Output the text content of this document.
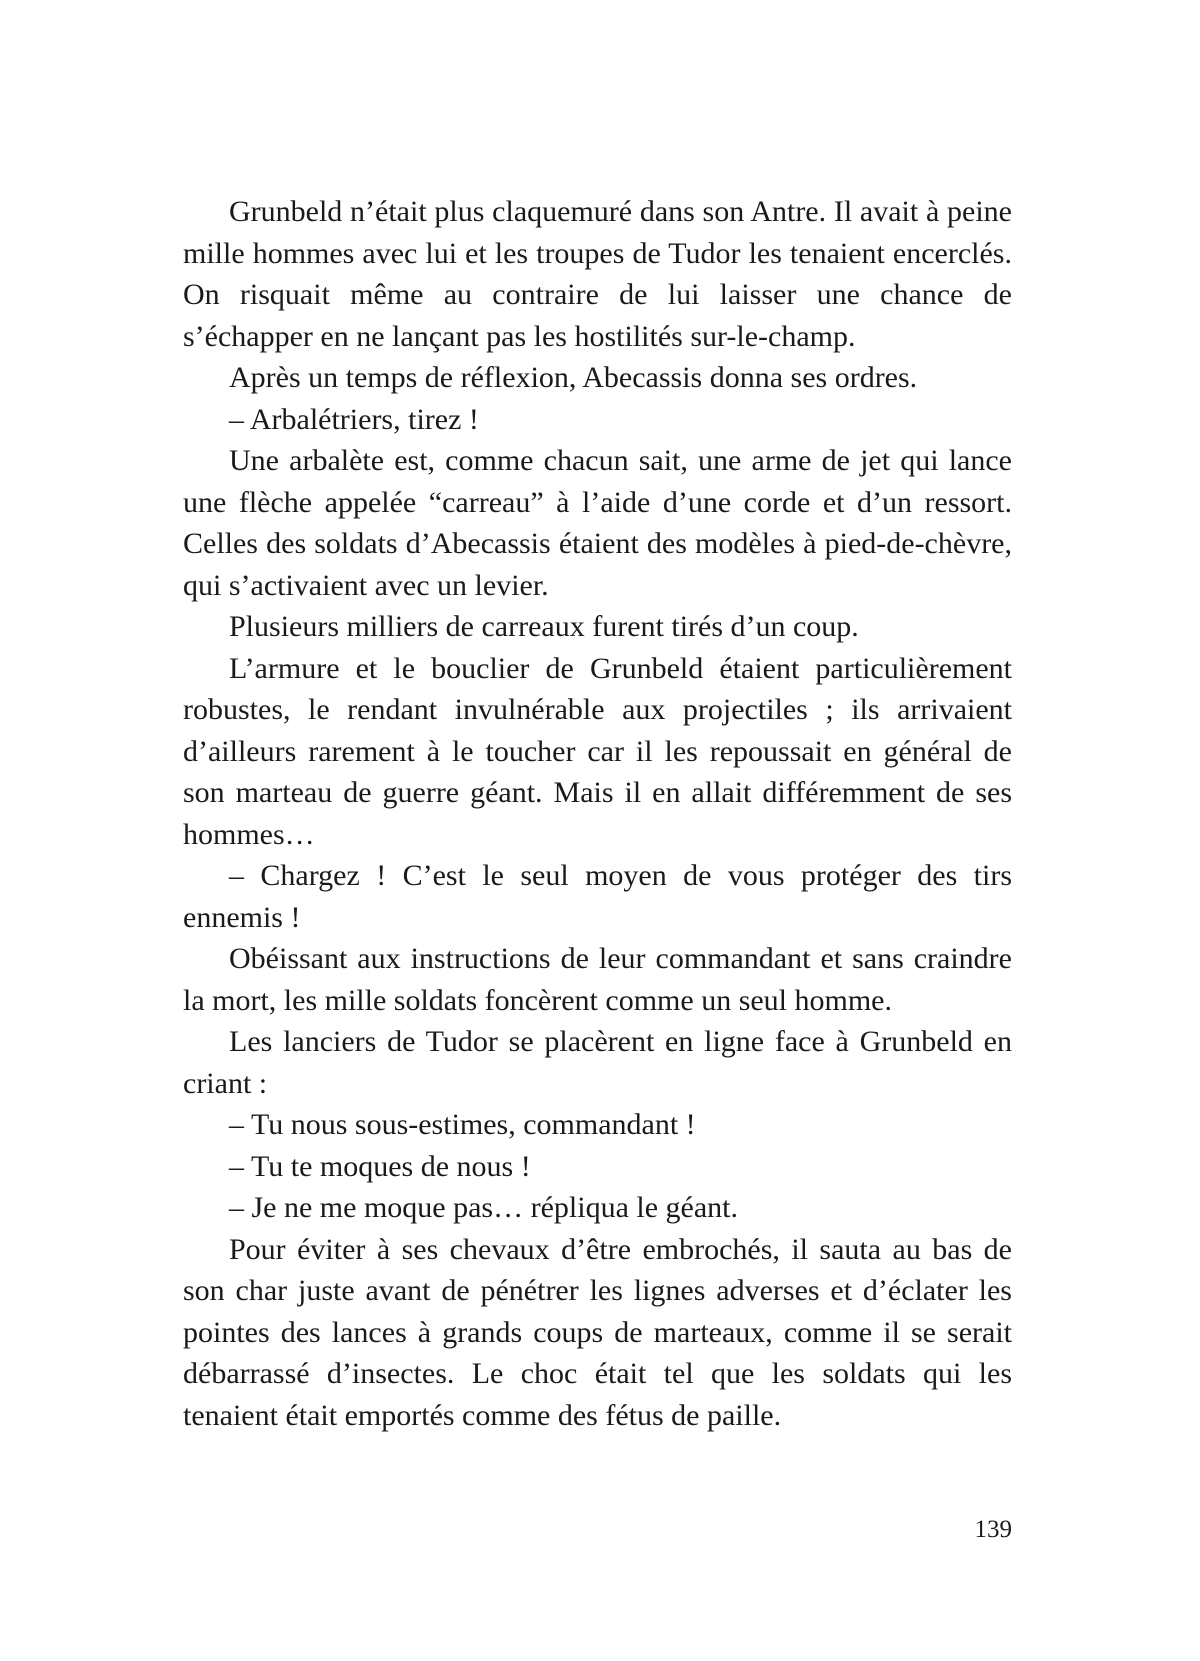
Grunbeld n’était plus claquemuré dans son Antre. Il avait à peine mille hommes avec lui et les troupes de Tudor les tenaient encerclés. On risquait même au contraire de lui laisser une chance de s’échapper en ne lançant pas les hostilités sur-le-champ.

Après un temps de réflexion, Abecassis donna ses ordres.

– Arbalétriers, tirez !

Une arbalète est, comme chacun sait, une arme de jet qui lance une flèche appelée “carreau” à l’aide d’une corde et d’un ressort. Celles des soldats d’Abecassis étaient des modèles à pied-de-chèvre, qui s’activaient avec un levier.

Plusieurs milliers de carreaux furent tirés d’un coup.

L’armure et le bouclier de Grunbeld étaient particulièrement robustes, le rendant invulnérable aux projectiles ; ils arrivaient d’ailleurs rarement à le toucher car il les repoussait en général de son marteau de guerre géant. Mais il en allait différemment de ses hommes…

– Chargez ! C’est le seul moyen de vous protéger des tirs ennemis !

Obéissant aux instructions de leur commandant et sans craindre la mort, les mille soldats foncèrent comme un seul homme.

Les lanciers de Tudor se placèrent en ligne face à Grunbeld en criant :

– Tu nous sous-estimes, commandant !

– Tu te moques de nous !

– Je ne me moque pas… répliqua le géant.

Pour éviter à ses chevaux d’être embrochés, il sauta au bas de son char juste avant de pénétrer les lignes adverses et d’éclater les pointes des lances à grands coups de marteaux, comme il se serait débarrassé d’insectes. Le choc était tel que les soldats qui les tenaient était emportés comme des fétus de paille.

139
